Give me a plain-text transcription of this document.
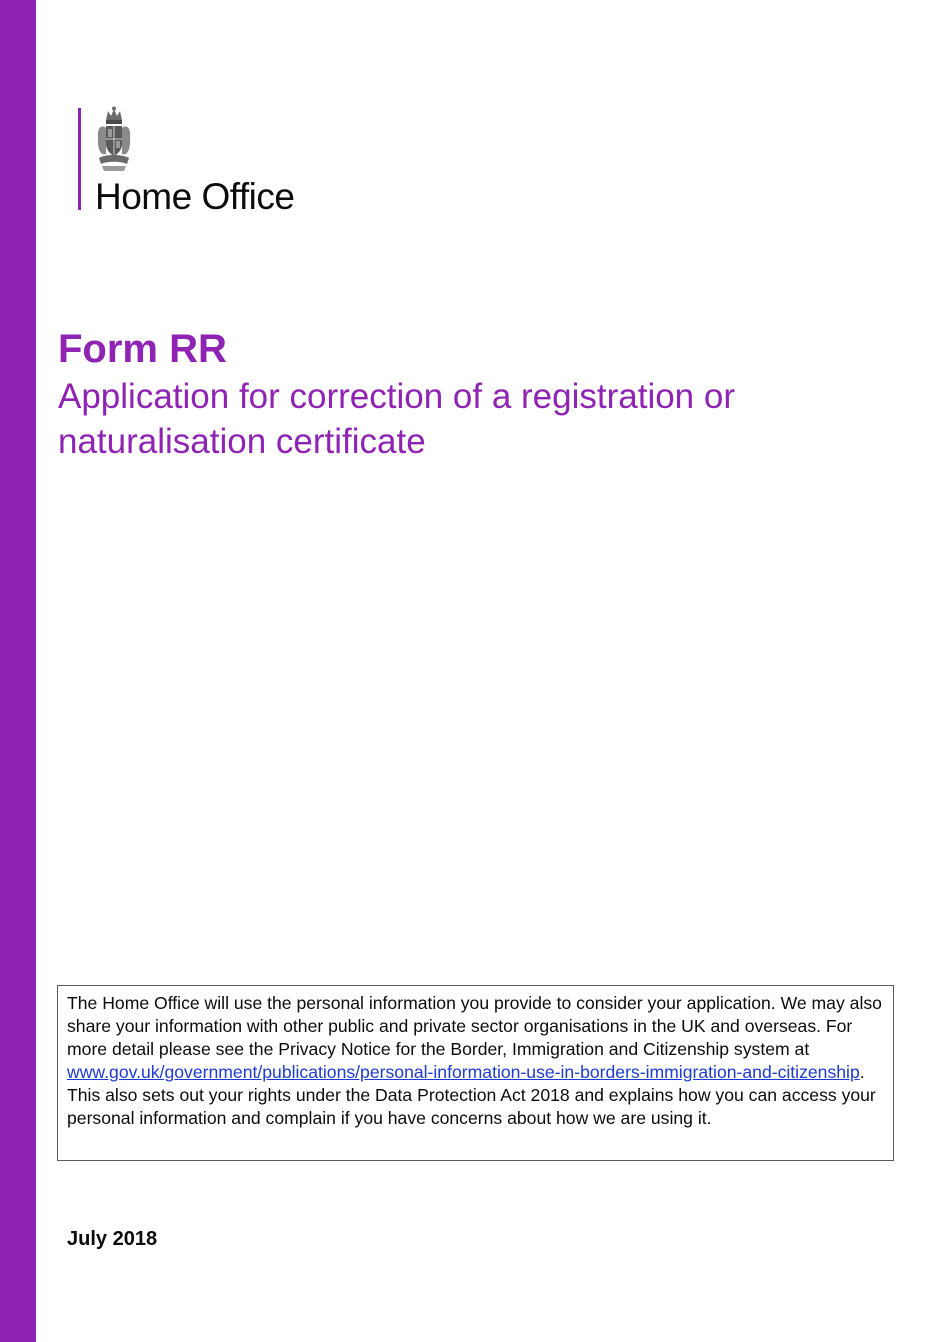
Home Office
Form RR
Application for correction of a registration or
naturalisation certificate
The Home Office will use the personal information you provide to consider your application. We may also share your information with other public and private sector organisations in the UK and overseas. For more detail please see the Privacy Notice for the Border, Immigration and Citizenship system at www.gov.uk/government/publications/personal-information-use-in-borders-immigration-and-citizenship. This also sets out your rights under the Data Protection Act 2018 and explains how you can access your personal information and complain if you have concerns about how we are using it.
July 2018
